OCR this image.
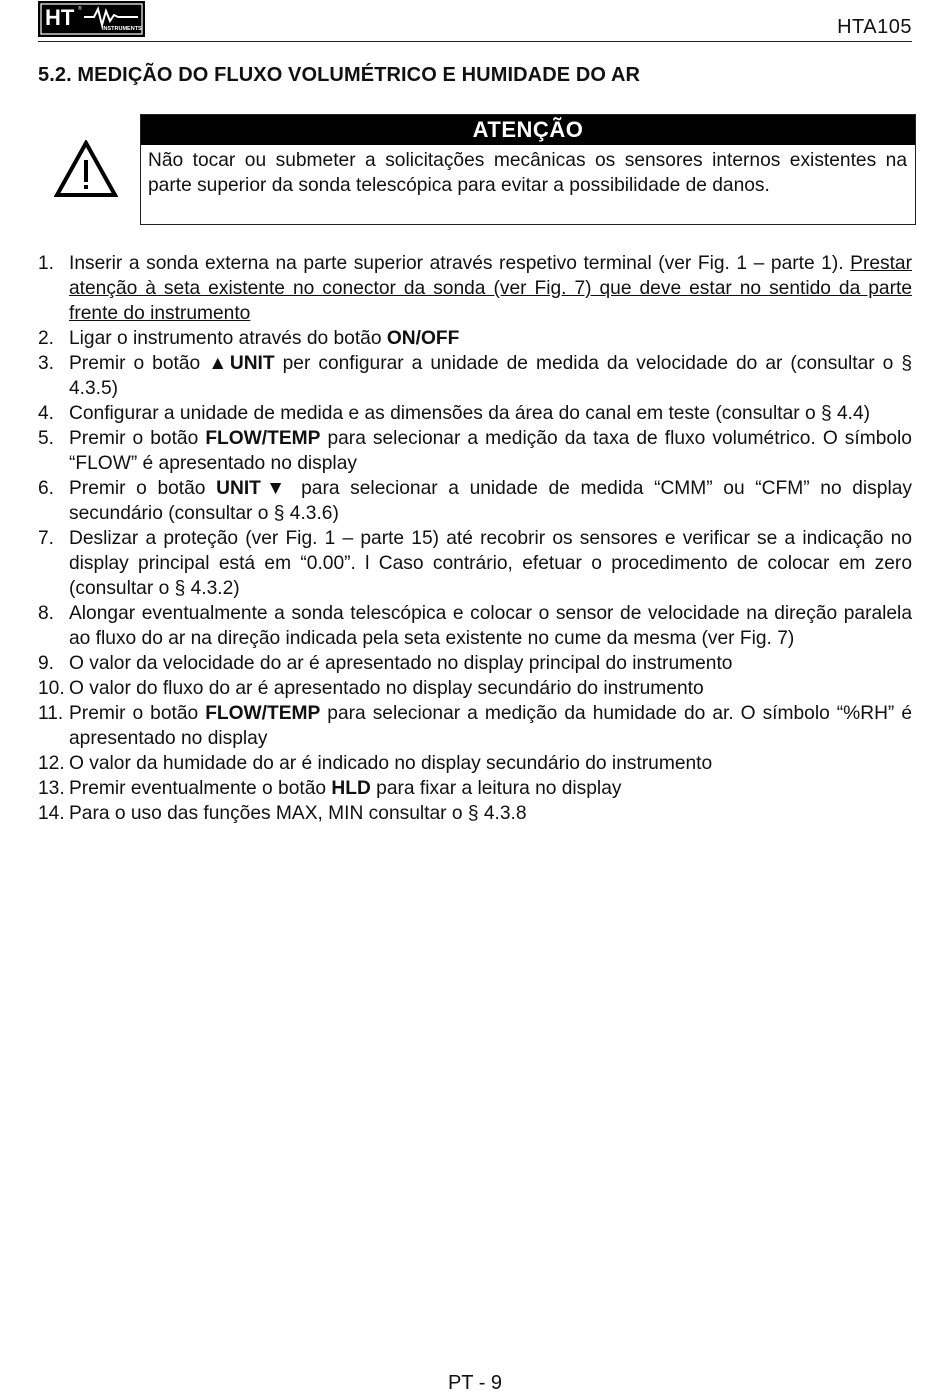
HT	INSTRUMENTS
®
HTA105
5.2. MEDIÇÃO DO FLUXO VOLUMÉTRICO E HUMIDADE DO AR
ATENÇÃO
Não tocar ou submeter a solicitações mecânicas os sensores internos existentes na parte superior da sonda telescópica para evitar a possibilidade de danos.
1. Inserir a sonda externa na parte superior através respetivo terminal (ver Fig. 1 – parte 1). Prestar atenção à seta existente no conector da sonda (ver Fig. 7) que deve estar no sentido da parte frente do instrumento
2. Ligar o instrumento através do botão ON/OFF
3. Premir o botão ▲UNIT per configurar a unidade de medida da velocidade do ar (consultar o § 4.3.5)
4. Configurar a unidade de medida e as dimensões da área do canal em teste (consultar o § 4.4)
5. Premir o botão FLOW/TEMP para selecionar a medição da taxa de fluxo volumétrico. O símbolo “FLOW” é apresentado no display
6. Premir o botão UNIT▼ para selecionar a unidade de medida “CMM” ou “CFM” no display secundário (consultar o § 4.3.6)
7. Deslizar a proteção (ver Fig. 1 – parte 15) até recobrir os sensores e verificar se a indicação no display principal está em “0.00”. l Caso contrário, efetuar o procedimento de colocar em zero (consultar o § 4.3.2)
8. Alongar eventualmente a sonda telescópica e colocar o sensor de velocidade na direção paralela ao fluxo do ar na direção indicada pela seta existente no cume da mesma (ver Fig. 7)
9. O valor da velocidade do ar é apresentado no display principal do instrumento
10. O valor do fluxo do ar é apresentado no display secundário do instrumento
11. Premir o botão FLOW/TEMP para selecionar a medição da humidade do ar. O símbolo “%RH” é apresentado no display
12. O valor da humidade do ar é indicado no display secundário do instrumento
13. Premir eventualmente o botão HLD para fixar a leitura no display
14. Para o uso das funções MAX, MIN consultar o § 4.3.8
PT - 9
